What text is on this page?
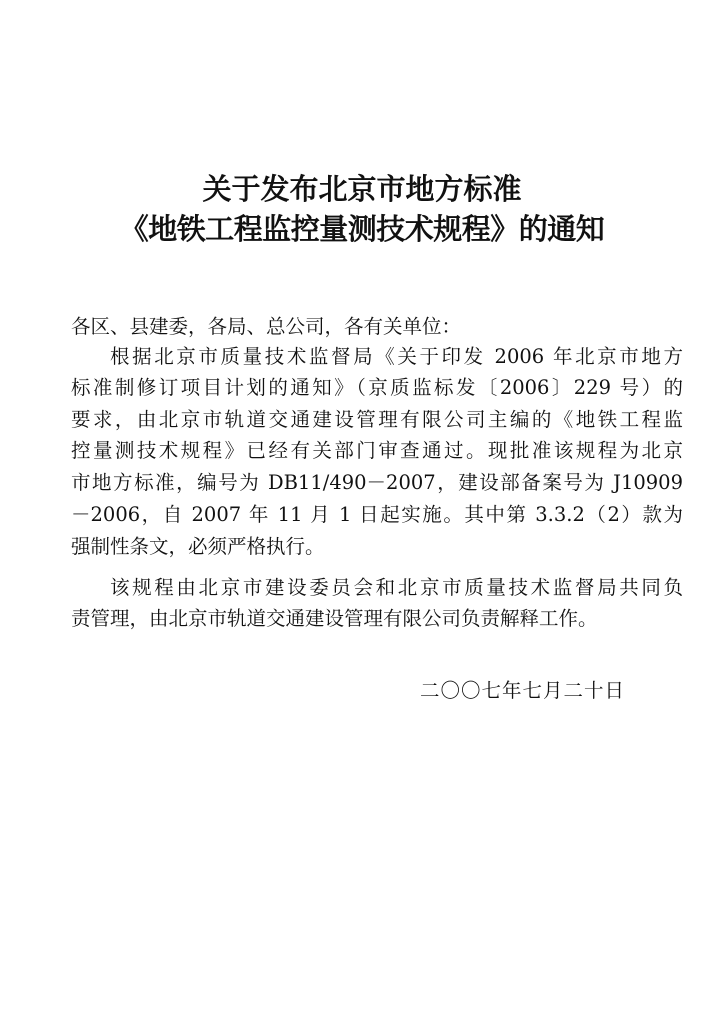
关于发布北京市地方标准
《地铁工程监控量测技术规程》的通知
各区、县建委，各局、总公司，各有关单位：
根据北京市质量技术监督局《关于印发 2006 年北京市地方
标准制修订项目计划的通知》（京质监标发〔2006〕229 号）的
要求，由北京市轨道交通建设管理有限公司主编的《地铁工程监
控量测技术规程》已经有关部门审查通过。现批准该规程为北京
市地方标准，编号为 DB11/490－2007，建设部备案号为 J10909
－2006，自 2007 年 11 月 1 日起实施。其中第 3.3.2（2）款为
强制性条文，必须严格执行。
该规程由北京市建设委员会和北京市质量技术监督局共同负
责管理，由北京市轨道交通建设管理有限公司负责解释工作。
二〇〇七年七月二十日
